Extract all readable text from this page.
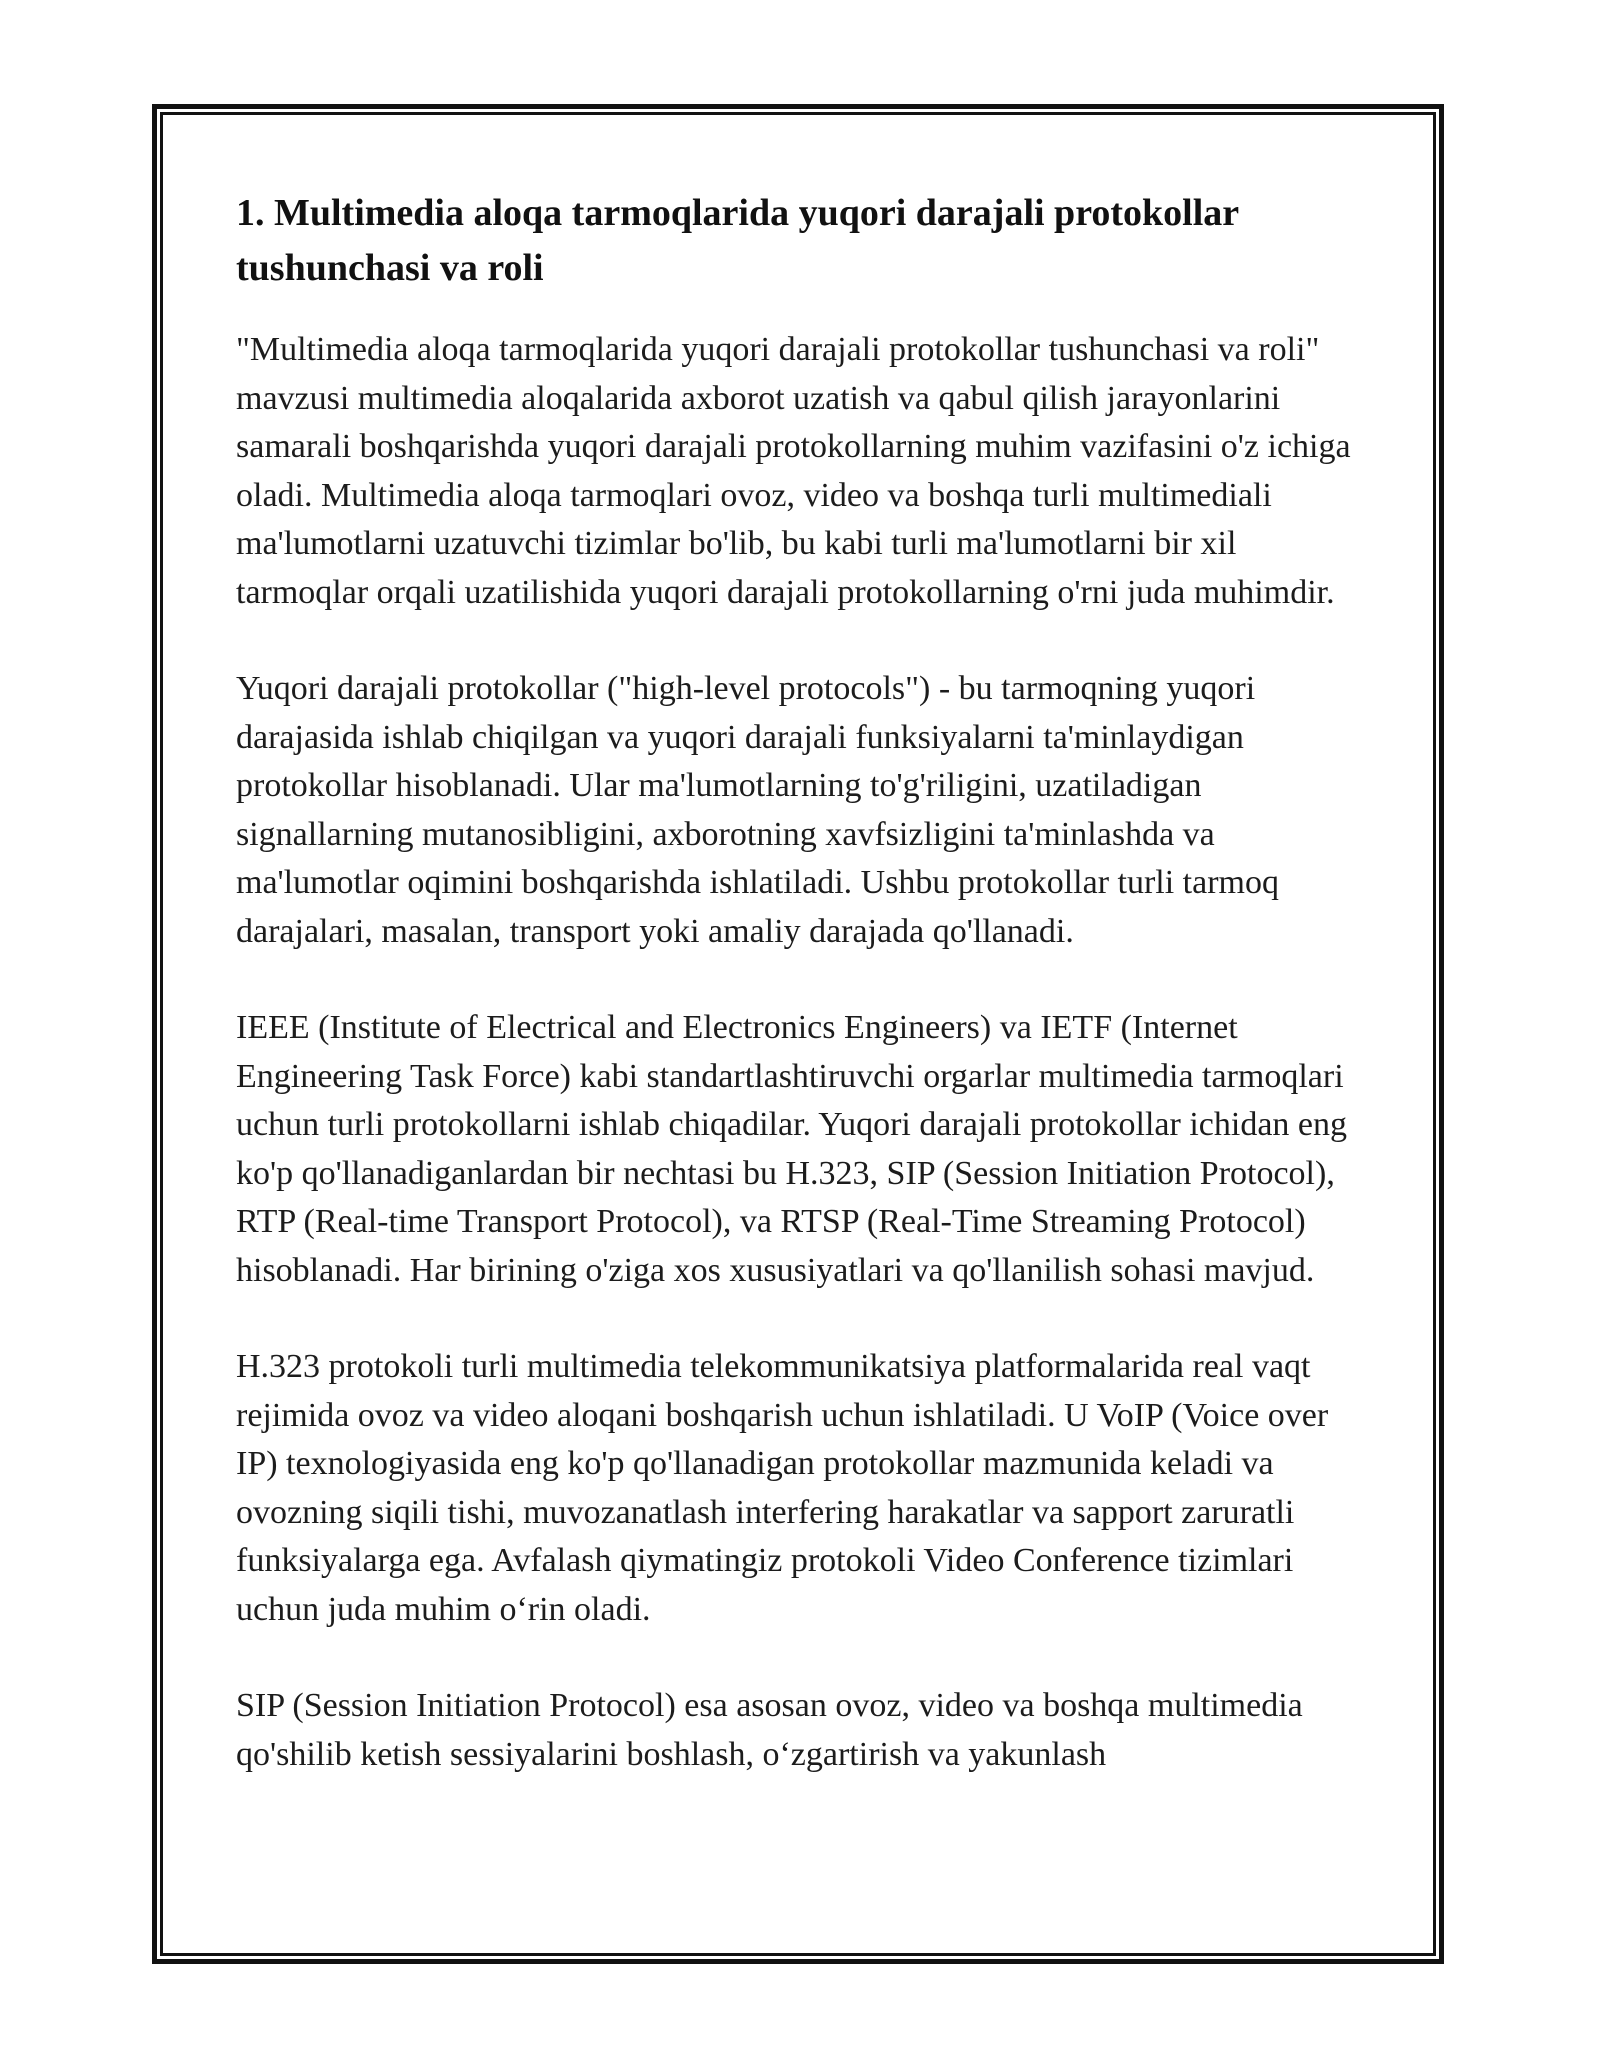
1. Multimedia aloqa tarmoqlarida yuqori darajali protokollar tushunchasi va roli

"Multimedia aloqa tarmoqlarida yuqori darajali protokollar tushunchasi va roli" mavzusi multimedia aloqalarida axborot uzatish va qabul qilish jarayonlarini samarali boshqarishda yuqori darajali protokollarning muhim vazifasini o'z ichiga oladi. Multimedia aloqa tarmoqlari ovoz, video va boshqa turli multimediali ma'lumotlarni uzatuvchi tizimlar bo'lib, bu kabi turli ma'lumotlarni bir xil tarmoqlar orqali uzatilishida yuqori darajali protokollarning o'rni juda muhimdir.

Yuqori darajali protokollar ("high-level protocols") - bu tarmoqning yuqori darajasida ishlab chiqilgan va yuqori darajali funksiyalarni ta'minlaydigan protokollar hisoblanadi. Ular ma'lumotlarning to'g'riligini, uzatiladigan signallarning mutanosibligini, axborotning xavfsizligini ta'minlashda va ma'lumotlar oqimini boshqarishda ishlatiladi. Ushbu protokollar turli tarmoq darajalari, masalan, transport yoki amaliy darajada qo'llanadi.

IEEE (Institute of Electrical and Electronics Engineers) va IETF (Internet Engineering Task Force) kabi standartlashtiruvchi orgarlar multimedia tarmoqlari uchun turli protokollarni ishlab chiqadilar. Yuqori darajali protokollar ichidan eng ko'p qo'llanadiganlardan bir nechtasi bu H.323, SIP (Session Initiation Protocol), RTP (Real-time Transport Protocol), va RTSP (Real-Time Streaming Protocol) hisoblanadi. Har birining o'ziga xos xususiyatlari va qo'llanilish sohasi mavjud.

H.323 protokoli turli multimedia telekommunikatsiya platformalarida real vaqt rejimida ovoz va video aloqani boshqarish uchun ishlatiladi. U VoIP (Voice over IP) texnologiyasida eng ko'p qo'llanadigan protokollar mazmunida keladi va ovozning siqili tishi, muvozanatlash interfering harakatlar va sapport zaruratli funksiyalarga ega. Avfalash qiymatingiz protokoli Video Conference tizimlari uchun juda muhim o‘rin oladi.

SIP (Session Initiation Protocol) esa asosan ovoz, video va boshqa multimedia qo'shilib ketish sessiyalarini boshlash, o‘zgartirish va yakunlash
